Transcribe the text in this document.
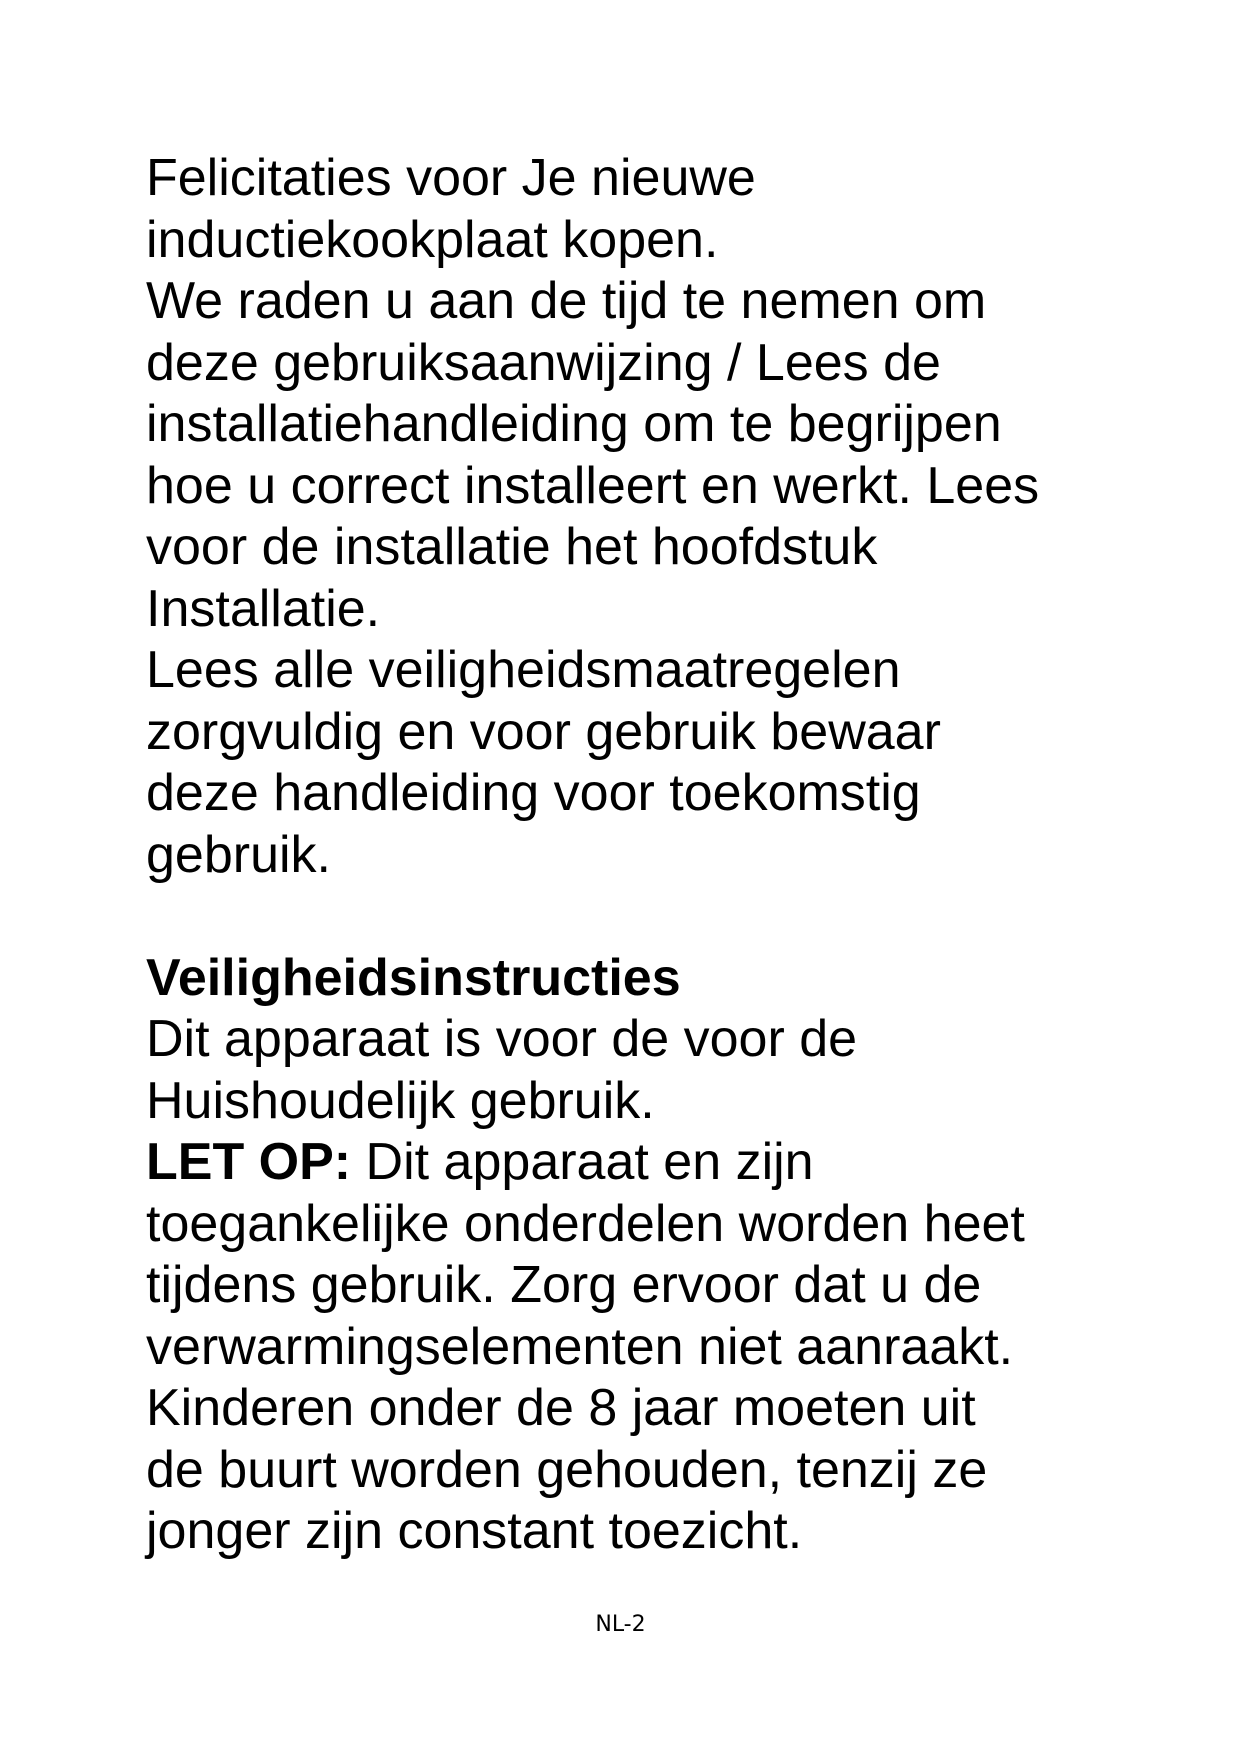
Felicitaties voor Je nieuwe
inductiekookplaat kopen.
We raden u aan de tijd te nemen om
deze gebruiksaanwijzing / Lees de
installatiehandleiding om te begrijpen
hoe u correct installeert en werkt. Lees
voor de installatie het hoofdstuk
Installatie.
Lees alle veiligheidsmaatregelen
zorgvuldig en voor gebruik bewaar
deze handleiding voor toekomstig
gebruik.
Veiligheidsinstructies
Dit apparaat is voor de voor de
Huishoudelijk gebruik.
LET OP: Dit apparaat en zijn
toegankelijke onderdelen worden heet
tijdens gebruik. Zorg ervoor dat u de
verwarmingselementen niet aanraakt.
Kinderen onder de 8 jaar moeten uit
de buurt worden gehouden, tenzij ze
jonger zijn constant toezicht.
NL-2
